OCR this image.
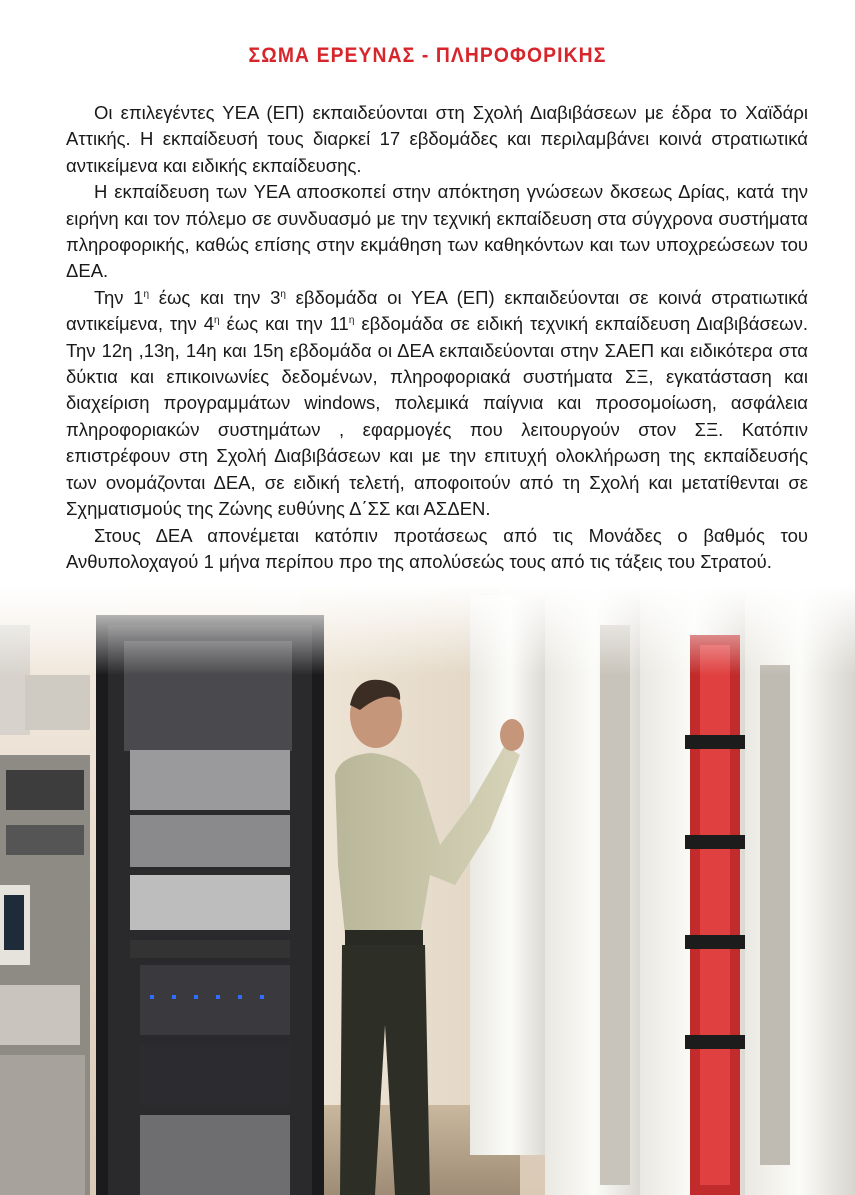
ΣΩΜΑ ΕΡΕΥΝΑΣ - ΠΛΗΡΟΦΟΡΙΚΗΣ

Οι επιλεγέντες ΥΕΑ (ΕΠ) εκπαιδεύονται στη Σχολή Διαβιβάσεων με έδρα το Χαϊδάρι Αττικής. Η εκπαίδευσή τους διαρκεί 17 εβδομάδες και περιλαμβάνει κοινά στρατιωτικά αντικείμενα και ειδικής εκπαίδευσης.

Η εκπαίδευση των ΥΕΑ αποσκοπεί στην απόκτηση γνώσεων δκσεως Δρίας, κατά την ειρήνη και τον πόλεμο σε συνδυασμό με την τεχνική εκπαίδευση στα σύγχρονα συστήματα πληροφορικής, καθώς επίσης στην εκμάθηση των καθηκόντων και των υποχρεώσεων του ΔΕΑ.

Την $1^\eta$ έως και την $3^\eta$ εβδομάδα οι ΥΕΑ (ΕΠ) εκπαιδεύονται σε κοινά στρατιωτικά αντικείμενα, την $4^\eta$ έως και την $11^\eta$ εβδομάδα σε ειδική τεχνική εκπαίδευση Διαβιβάσεων. Την 12η ,13η, 14η και 15η εβδομάδα οι ΔΕΑ εκπαιδεύονται στην ΣΑΕΠ και ειδικότερα στα δύκτια και επικοινωνίες δεδομένων, πληροφοριακά συστήματα ΣΞ, εγκατάσταση και διαχείριση προγραμμάτων windows, πολεμικά παίγνια και προσομοίωση, ασφάλεια πληροφοριακών συστημάτων , εφαρμογές που λειτουργούν στον ΣΞ. Κατόπιν επιστρέφουν στη Σχολή Διαβιβάσεων και με την επιτυχή ολοκλήρωση της εκπαίδευσής των ονομάζονται ΔΕΑ, σε ειδική τελετή, αποφοιτούν από τη Σχολή και μετατίθενται σε Σχηματισμούς της Ζώνης ευθύνης Δ΄ΣΣ και ΑΣΔΕΝ.

Στους ΔΕΑ απονέμεται κατόπιν προτάσεως από τις Μονάδες ο βαθμός του Ανθυπολοχαγού 1 μήνα περίπου προ της απολύσεώς τους από τις τάξεις του Στρατού.
